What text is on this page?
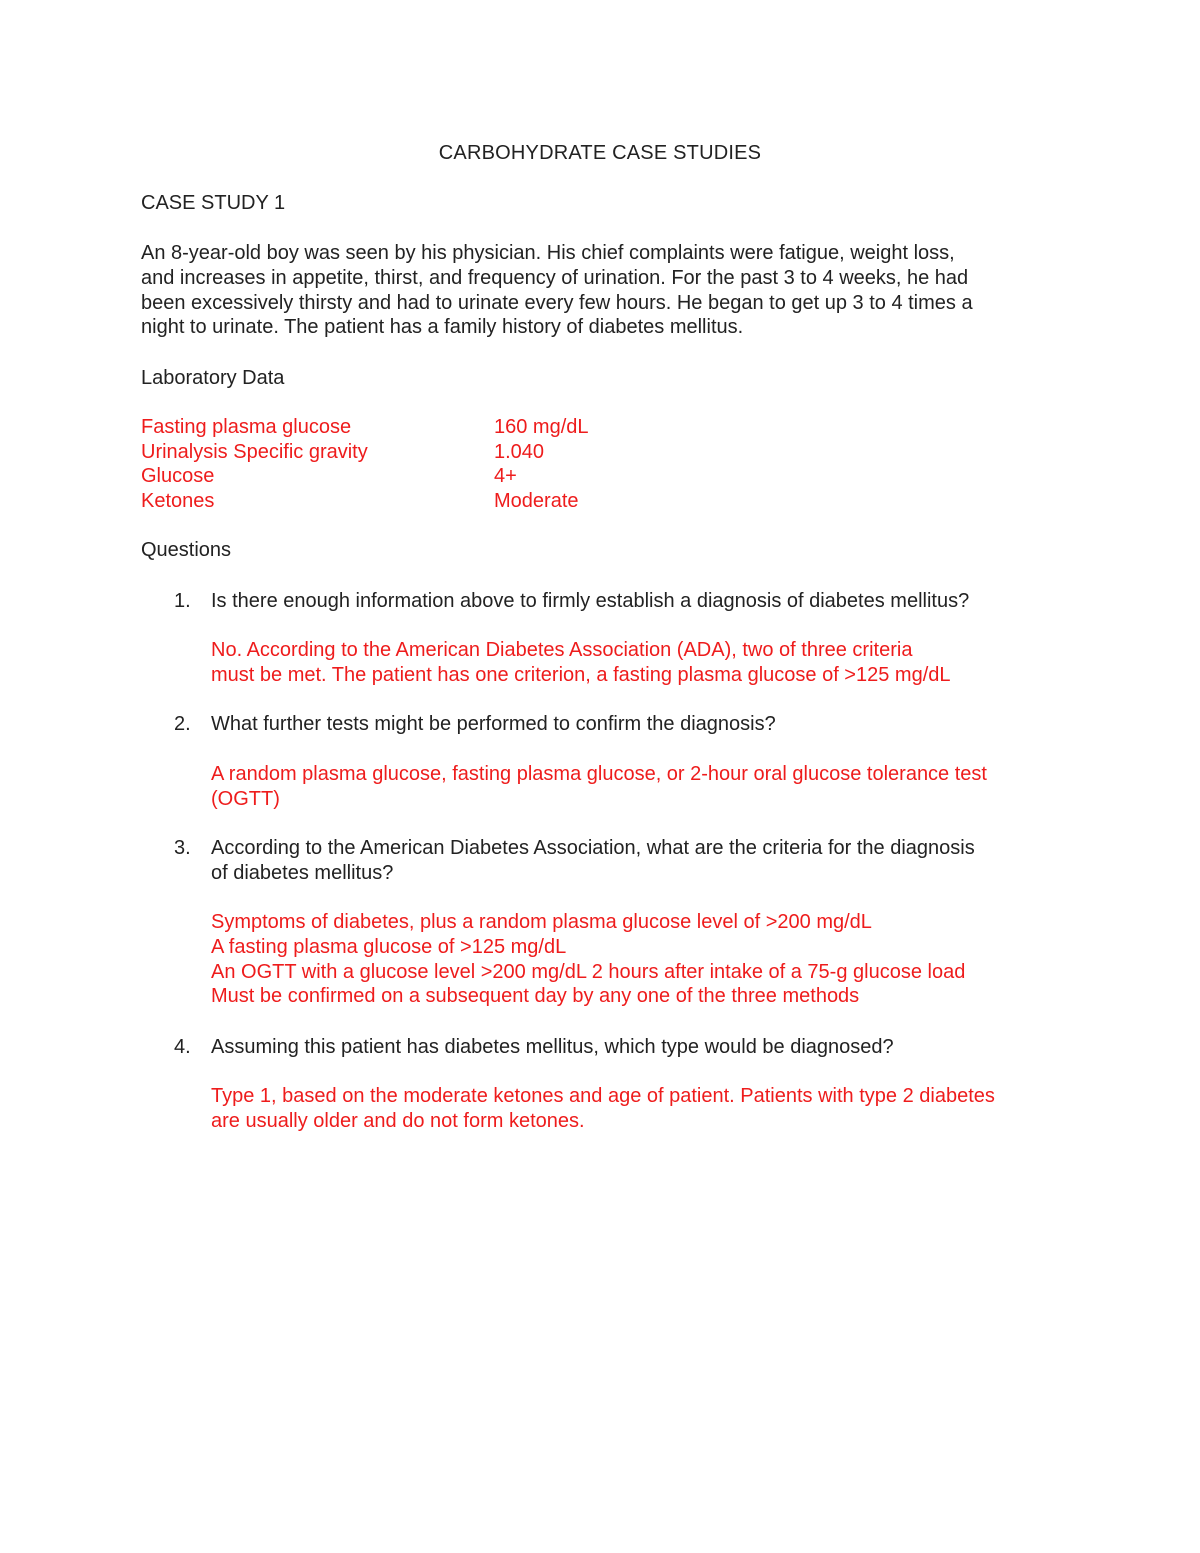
CARBOHYDRATE CASE STUDIES
CASE STUDY 1
An 8-year-old boy was seen by his physician. His chief complaints were fatigue, weight loss,
and increases in appetite, thirst, and frequency of urination. For the past 3 to 4 weeks, he had
been excessively thirsty and had to urinate every few hours. He began to get up 3 to 4 times a
night to urinate. The patient has a family history of diabetes mellitus.
Laboratory Data
Fasting plasma glucose	160 mg/dL
Urinalysis Specific gravity	1.040
Glucose	4+
Ketones	Moderate
Questions
1. Is there enough information above to firmly establish a diagnosis of diabetes mellitus?
No. According to the American Diabetes Association (ADA), two of three criteria
must be met. The patient has one criterion, a fasting plasma glucose of >125 mg/dL
2. What further tests might be performed to confirm the diagnosis?
A random plasma glucose, fasting plasma glucose, or 2-hour oral glucose tolerance test
(OGTT)
3. According to the American Diabetes Association, what are the criteria for the diagnosis
of diabetes mellitus?
Symptoms of diabetes, plus a random plasma glucose level of >200 mg/dL
A fasting plasma glucose of >125 mg/dL
An OGTT with a glucose level >200 mg/dL 2 hours after intake of a 75-g glucose load
Must be confirmed on a subsequent day by any one of the three methods
4. Assuming this patient has diabetes mellitus, which type would be diagnosed?
Type 1, based on the moderate ketones and age of patient. Patients with type 2 diabetes
are usually older and do not form ketones.
